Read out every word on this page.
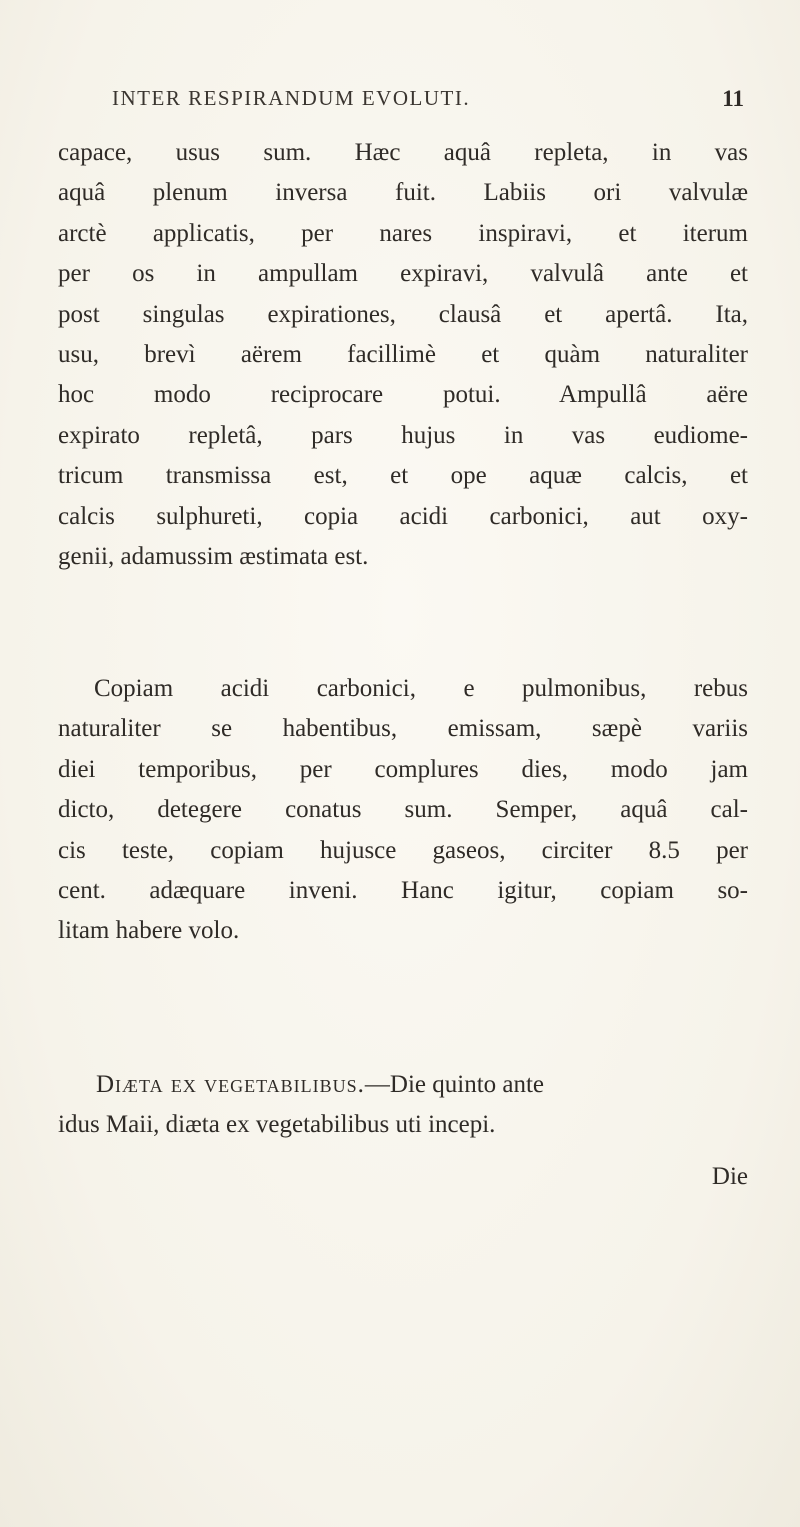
INTER RESPIRANDUM EVOLUTI.	11
capace, usus sum. Hæc aquâ repleta, in vas
aquâ plenum inversa fuit. Labiis ori valvulæ
arctè applicatis, per nares inspiravi, et iterum
per os in ampullam expiravi, valvulâ ante et
post singulas expirationes, clausâ et apertâ. Ita,
usu, brevì aërem facillimè et quàm naturaliter
hoc modo reciprocare potui. Ampullâ aëre
expirato repletâ, pars hujus in vas eudiome-
tricum transmissa est, et ope aquæ calcis, et
calcis sulphureti, copia acidi carbonici, aut oxy-
genii, adamussim æstimata est.
Copiam acidi carbonici, e pulmonibus, rebus
naturaliter se habentibus, emissam, sæpè variis
diei temporibus, per complures dies, modo jam
dicto, detegere conatus sum. Semper, aquâ cal-
cis teste, copiam hujusce gaseos, circiter 8.5 per
cent. adæquare inveni. Hanc igitur, copiam so-
litam habere volo.
Diæta ex vegetabilibus.—Die quinto ante
idus Maii, diæta ex vegetabilibus uti incepi.
Die
